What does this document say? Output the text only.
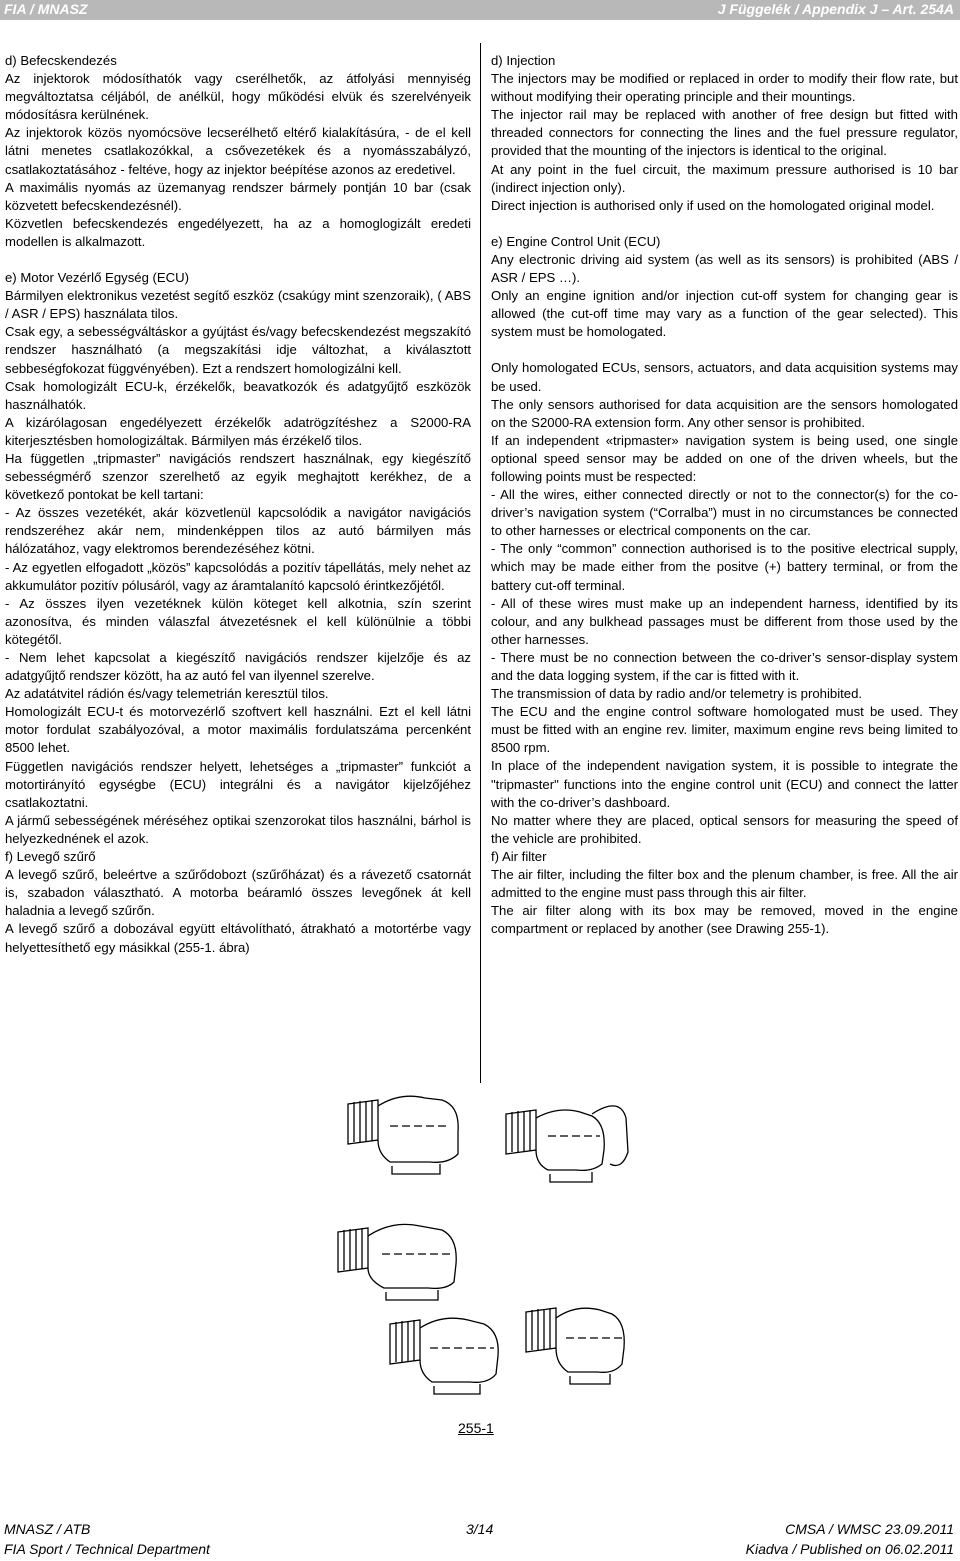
FIA / MNASZ	J Függelék / Appendix J – Art. 254A

d) Befecskendezés

Az injektorok módosíthatók vagy cserélhetők, az átfolyási mennyiség megváltoztatsa céljából, de anélkül, hogy működési elvük és szerelvényeik módosításra kerülnének.

Az injektorok közös nyomócsöve lecserélhető eltérő kialakításúra, - de el kell látni menetes csatlakozókkal, a csővezetékek és a nyomásszabályzó, csatlakoztatásához - feltéve, hogy az injektor beépítése azonos az eredetivel.

A maximális nyomás az üzemanyag rendszer bármely pontján 10 bar (csak közvetett befecskendezésnél).

Közvetlen befecskendezés engedélyezett, ha az a homoglogizált eredeti modellen is alkalmazott.

e) Motor Vezérlő Egység (ECU)

Bármilyen elektronikus vezetést segítő eszköz (csakúgy mint szenzoraik), ( ABS / ASR / EPS) használata tilos.

Csak egy, a sebességváltáskor a gyújtást és/vagy befecskendezést megszakító rendszer használható (a megszakítási idje változhat, a kiválasztott sebbeségfokozat függvényében). Ezt a rendszert homologizálni kell.

Csak homologizált ECU-k, érzékelők, beavatkozók és adatgyűjtő eszközök használhatók.

A kizárólagosan engedélyezett érzékelők adatrögzítéshez a S2000-RA kiterjesztésben homologizáltak. Bármilyen más érzékelő tilos.

Ha független „tripmaster” navigációs rendszert használnak, egy kiegészítő sebességmérő szenzor szerelhető az egyik meghajtott kerékhez, de a következő pontokat be kell tartani:

- Az összes vezetékét, akár közvetlenül kapcsolódik a navigátor navigációs rendszeréhez akár nem, mindenképpen tilos az autó bármilyen más hálózatához, vagy elektromos berendezéséhez kötni.

- Az egyetlen elfogadott „közös” kapcsolódás a pozitív tápellátás, mely nehet az akkumulátor pozitív pólusáról, vagy az áramtalanító kapcsoló érintkezőjétől.

- Az összes ilyen vezetéknek külön köteget kell alkotnia, szín szerint azonosítva, és minden válaszfal átvezetésnek el kell különülnie a többi kötegétől.

- Nem lehet kapcsolat a kiegészítő navigációs rendszer kijelzője és az adatgyűjtő rendszer között, ha az autó fel van ilyennel szerelve.

Az adatátvitel rádión és/vagy telemetrián keresztül tilos.

Homologizált ECU-t és motorvezérlő szoftvert kell használni. Ezt el kell látni motor fordulat szabályozóval, a motor maximális fordulatszáma percenként 8500 lehet.

Független navigációs rendszer helyett, lehetséges a „tripmaster” funkciót a motortirányító egységbe (ECU) integrálni és a navigátor kijelzőjéhez csatlakoztatni.

A jármű sebességének méréséhez optikai szenzorokat tilos használni, bárhol is helyezkednének el azok.

f) Levegő szűrő

A levegő szűrő, beleértve a szűrődobozt (szűrőházat) és a rávezető csatornát is, szabadon választható. A motorba beáramló összes levegőnek át kell haladnia a levegő szűrőn.

A levegő szűrő a dobozával együtt eltávolítható, átrakható a motortérbe vagy helyettesíthető egy másikkal (255-1. ábra)

d) Injection

The injectors may be modified or replaced in order to modify their flow rate, but without modifying their operating principle and their mountings.

The injector rail may be replaced with another of free design but fitted with threaded connectors for connecting the lines and the fuel pressure regulator, provided that the mounting of the injectors is identical to the original.

At any point in the fuel circuit, the maximum pressure authorised is 10 bar (indirect injection only).

Direct injection is authorised only if used on the homologated original model.

e) Engine Control Unit (ECU)

Any electronic driving aid system (as well as its sensors) is prohibited (ABS / ASR / EPS …).

Only an engine ignition and/or injection cut-off system for changing gear is allowed (the cut-off time may vary as a function of the gear selected). This system must be homologated.

Only homologated ECUs, sensors, actuators, and data acquisition systems may be used.

The only sensors authorised for data acquisition are the sensors homologated on the S2000-RA extension form. Any other sensor is prohibited.

If an independent «tripmaster» navigation system is being used, one single optional speed sensor may be added on one of the driven wheels, but the following points must be respected:

- All the wires, either connected directly or not to the connector(s) for the co-driver’s navigation system (“Corralba”) must in no circumstances be connected to other harnesses or electrical components on the car.

- The only “common” connection authorised is to the positive electrical supply, which may be made either from the positve (+) battery terminal, or from the battery cut-off terminal.

- All of these wires must make up an independent harness, identified by its colour, and any bulkhead passages must be different from those used by the other harnesses.

- There must be no connection between the co-driver’s sensor-display system and the data logging system, if the car is fitted with it.

The transmission of data by radio and/or telemetry is prohibited.

The ECU and the engine control software homologated must be used. They must be fitted with an engine rev. limiter, maximum engine revs being limited to 8500 rpm.

In place of the independent navigation system, it is possible to integrate the "tripmaster" functions into the engine control unit (ECU) and connect the latter with the co-driver’s dashboard.

No matter where they are placed, optical sensors for measuring the speed of the vehicle are prohibited.

f) Air filter

The air filter, including the filter box and the plenum chamber, is free. All the air admitted to the engine must pass through this air filter.

The air filter along with its box may be removed, moved in the engine compartment or replaced by another (see Drawing 255-1).

255-1
MNASZ / ATB	3/14	CMSA / WMSC 23.09.2011
FIA Sport / Technical Department	Kiadva / Published on 06.02.2011
